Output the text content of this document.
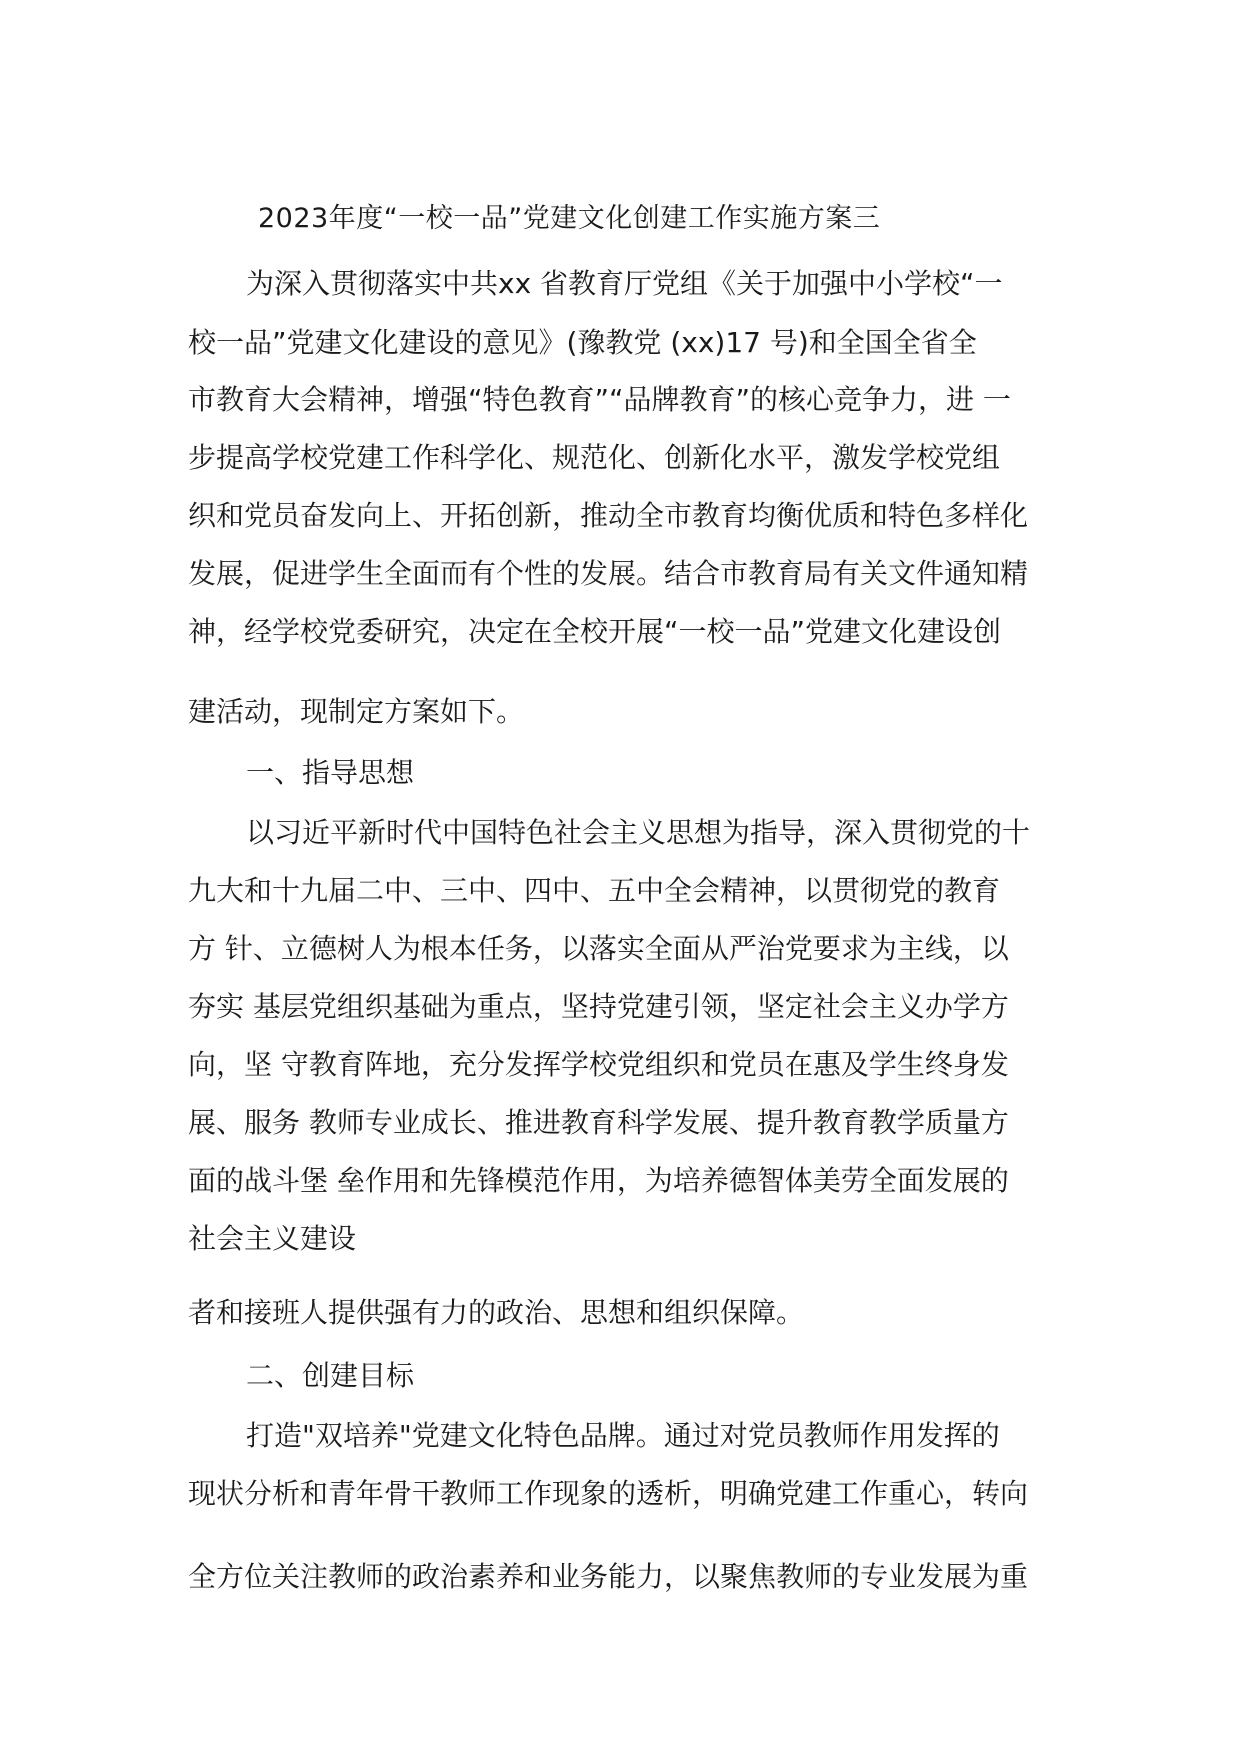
2023年度“一校一品”党建文化创建工作实施方案三
为深入贯彻落实中共xx 省教育厅党组《关于加强中小学校“一
校一品”党建文化建设的意见》(豫教党 (xx)17 号)和全国全省全
市教育大会精神，增强“特色教育”“品牌教育”的核心竞争力，进 一
步提高学校党建工作科学化、规范化、创新化水平，激发学校党组
织和党员奋发向上、开拓创新，推动全市教育均衡优质和特色多样化
发展，促进学生全面而有个性的发展。结合市教育局有关文件通知精
神，经学校党委研究，决定在全校开展“一校一品”党建文化建设创
建活动，现制定方案如下。
一、指导思想
以习近平新时代中国特色社会主义思想为指导，深入贯彻党的十
九大和十九届二中、三中、四中、五中全会精神，以贯彻党的教育
方 针、立德树人为根本任务，以落实全面从严治党要求为主线，以
夯实 基层党组织基础为重点，坚持党建引领，坚定社会主义办学方
向，坚 守教育阵地，充分发挥学校党组织和党员在惠及学生终身发
展、服务 教师专业成长、推进教育科学发展、提升教育教学质量方
面的战斗堡 垒作用和先锋模范作用，为培养德智体美劳全面发展的
社会主义建设
者和接班人提供强有力的政治、思想和组织保障。
二、创建目标
打造"双培养"党建文化特色品牌。通过对党员教师作用发挥的
现状分析和青年骨干教师工作现象的透析，明确党建工作重心，转向
全方位关注教师的政治素养和业务能力，以聚焦教师的专业发展为重
